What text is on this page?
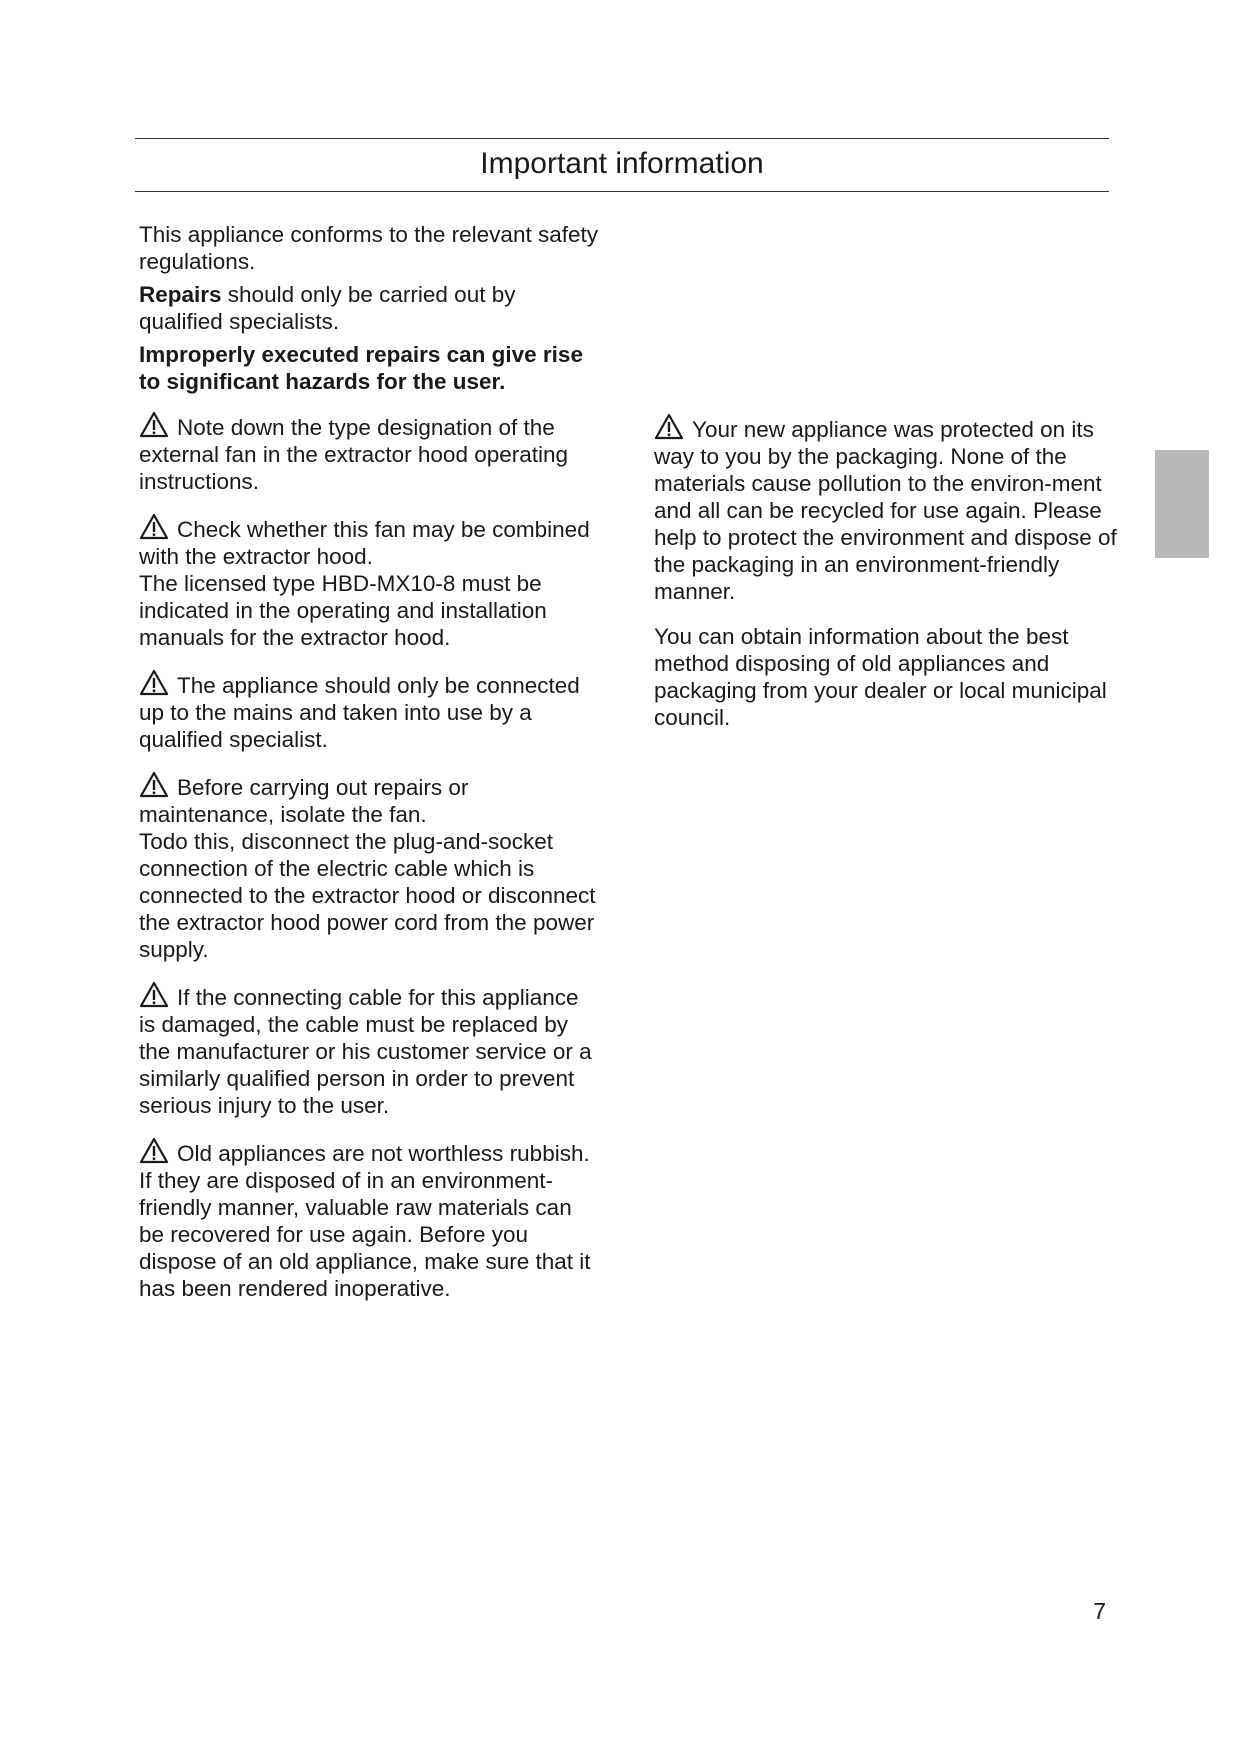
Important information

This appliance conforms to the relevant safety regulations.

Repairs should only be carried out by qualified specialists.

Improperly executed repairs can give rise to significant hazards for the user.

Note down the type designation of the external fan in the extractor hood operating instructions.
Check whether this fan may be combined with the extractor hood.
The licensed type HBD-MX10-8 must be indicated in the operating and installation manuals for the extractor hood.
The appliance should only be connected up to the mains and taken into use by a qualified specialist.
Before carrying out repairs or maintenance, isolate the fan.
Todo this, disconnect the plug-and-socket connection of the electric cable which is connected to the extractor hood or disconnect the extractor hood power cord from the power supply.
If the connecting cable for this appliance is damaged, the cable must be replaced by the manufacturer or his customer service or a similarly qualified person in order to prevent serious injury to the user.
Old appliances are not worthless rubbish. If they are disposed of in an environment-friendly manner, valuable raw materials can be recovered for use again. Before you dispose of an old appliance, make sure that it has been rendered inoperative.
Your new appliance was protected on its way to you by the packaging. None of the materials cause pollution to the environ-ment and all can be recycled for use again. Please help to protect the environment and dispose of the packaging in an environment-friendly manner.

You can obtain information about the best method disposing of old appliances and packaging from your dealer or local municipal council.

7
